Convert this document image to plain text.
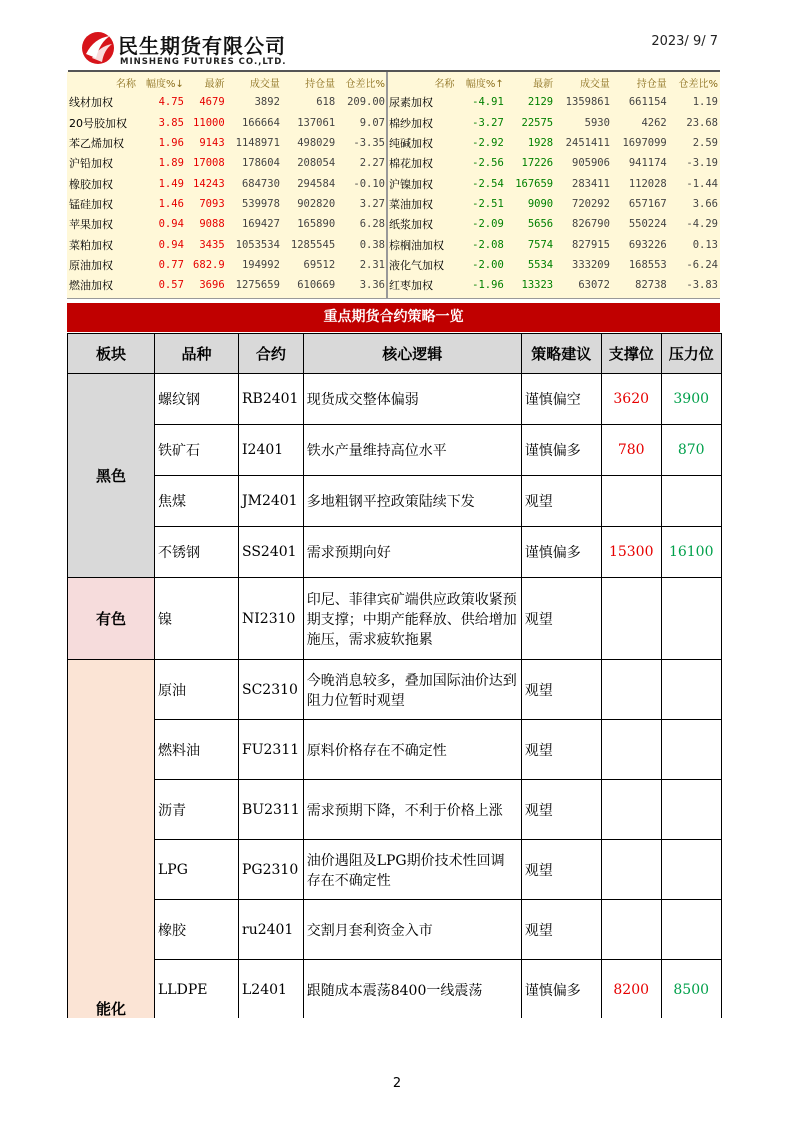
民生期货有限公司
MINSHENG FUTURES CO.,LTD.
2023/ 9/ 7
名称	幅度%↓	最新	成交量	持仓量	仓差比%
线材加权	4.75	4679	3892	618	209.00
20号胶加权	3.85	11000	166664	137061	9.07
苯乙烯加权	1.96	9143	1148971	498029	-3.35
沪铅加权	1.89	17008	178604	208054	2.27
橡胶加权	1.49	14243	684730	294584	-0.10
锰硅加权	1.46	7093	539978	902820	3.27
苹果加权	0.94	9088	169427	165890	6.28
菜粕加权	0.94	3435	1053534	1285545	0.38
原油加权	0.77	682.9	194992	69512	2.31
燃油加权	0.57	3696	1275659	610669	3.36
名称	幅度%↑	最新	成交量	持仓量	仓差比%
尿素加权	-4.91	2129	1359861	661154	1.19
棉纱加权	-3.27	22575	5930	4262	23.68
纯碱加权	-2.92	1928	2451411	1697099	2.59
棉花加权	-2.56	17226	905906	941174	-3.19
沪镍加权	-2.54	167659	283411	112028	-1.44
菜油加权	-2.51	9090	720292	657167	3.66
纸浆加权	-2.09	5656	826790	550224	-4.29
棕榈油加权	-2.08	7574	827915	693226	0.13
液化气加权	-2.00	5534	333209	168553	-6.24
红枣加权	-1.96	13323	63072	82738	-3.83
重点期货合约策略一览
板块	品种	合约	核心逻辑	策略建议	支撑位	压力位
黑色	螺纹钢	RB2401	现货成交整体偏弱	谨慎偏空	3620	3900
	铁矿石	I2401	铁水产量维持高位水平	谨慎偏多	780	870
	焦煤	JM2401	多地粗钢平控政策陆续下发	观望		
	不锈钢	SS2401	需求预期向好	谨慎偏多	15300	16100
有色	镍	NI2310	印尼、菲律宾矿端供应政策收紧预期支撑；中期产能释放、供给增加施压，需求疲软拖累	观望		
能化	原油	SC2310	今晚消息较多，叠加国际油价达到阻力位暂时观望	观望		
	燃料油	FU2311	原料价格存在不确定性	观望		
	沥青	BU2311	需求预期下降，不利于价格上涨	观望		
	LPG	PG2310	油价遇阻及LPG期价技术性回调存在不确定性	观望		
	橡胶	ru2401	交割月套利资金入市	观望		
	LLDPE	L2401	跟随成本震荡8400一线震荡	谨慎偏多	8200	8500
2
